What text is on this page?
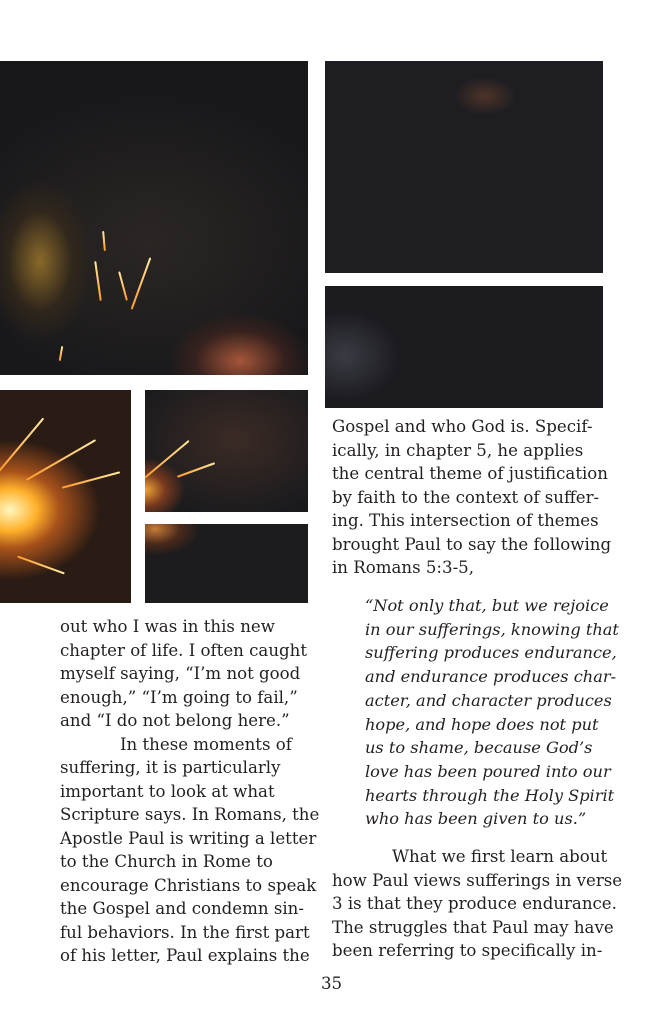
out who I was in this new
chapter of life. I often caught
myself saying, “I’m not good
enough,” “I’m going to fail,”
and “I do not belong here.”
In these moments of
suffering, it is particularly
important to look at what
Scripture says. In Romans, the
Apostle Paul is writing a letter
to the Church in Rome to
encourage Christians to speak
the Gospel and condemn sin-
ful behaviors. In the first part
of his letter, Paul explains the
Gospel and who God is. Specif-
ically, in chapter 5, he applies
the central theme of justification
by faith to the context of suffer-
ing. This intersection of themes
brought Paul to say the following
in Romans 5:3-5,
“Not only that, but we rejoice
in our sufferings, knowing that
suffering produces endurance,
and endurance produces char-
acter, and character produces
hope, and hope does not put
us to shame, because God’s
love has been poured into our
hearts through the Holy Spirit
who has been given to us.”
What we first learn about
how Paul views sufferings in verse
3 is that they produce endurance.
The struggles that Paul may have
been referring to specifically in-
35
